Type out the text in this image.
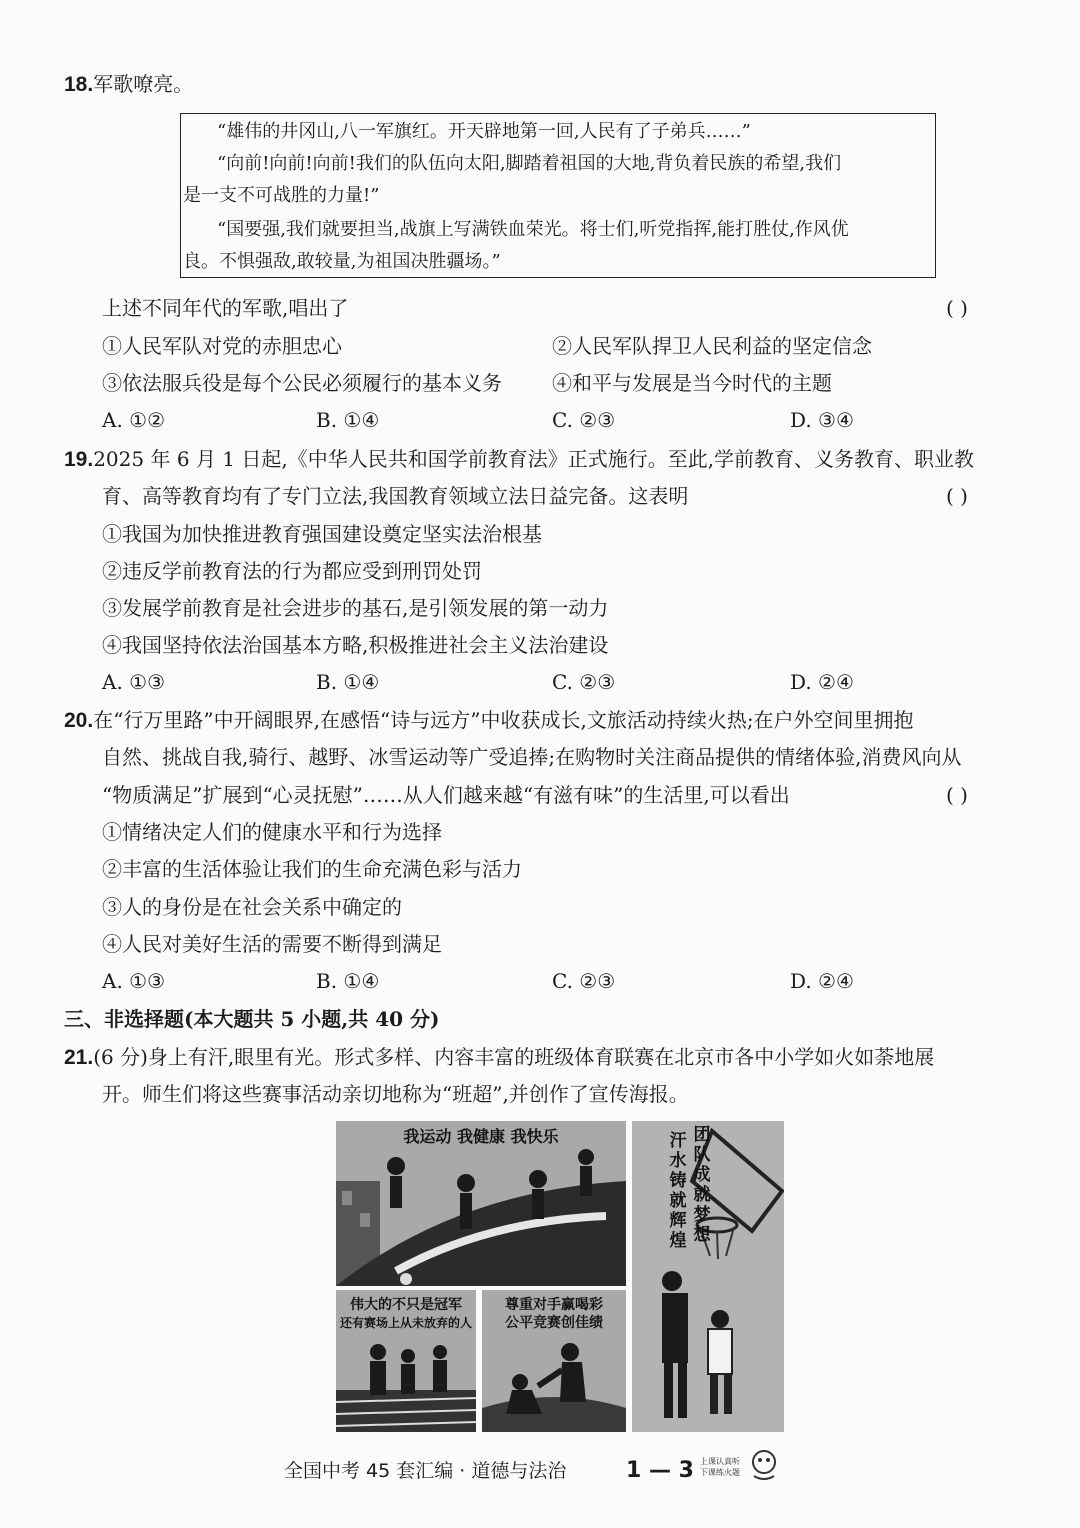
18.军歌嘹亮。
“雄伟的井冈山,八一军旗红。开天辟地第一回,人民有了子弟兵……”
“向前!向前!向前!我们的队伍向太阳,脚踏着祖国的大地,背负着民族的希望,我们
是一支不可战胜的力量!”
“国要强,我们就要担当,战旗上写满铁血荣光。将士们,听党指挥,能打胜仗,作风优
良。不惧强敌,敢较量,为祖国决胜疆场。”
上述不同年代的军歌,唱出了	( )
①人民军队对党的赤胆忠心	②人民军队捍卫人民利益的坚定信念
③依法服兵役是每个公民必须履行的基本义务	④和平与发展是当今时代的主题
A. ①②	B. ①④	C. ②③	D. ③④
19.2025 年 6 月 1 日起,《中华人民共和国学前教育法》正式施行。至此,学前教育、义务教育、职业教
育、高等教育均有了专门立法,我国教育领域立法日益完备。这表明	( )
①我国为加快推进教育强国建设奠定坚实法治根基
②违反学前教育法的行为都应受到刑罚处罚
③发展学前教育是社会进步的基石,是引领发展的第一动力
④我国坚持依法治国基本方略,积极推进社会主义法治建设
A. ①③	B. ①④	C. ②③	D. ②④
20.在“行万里路”中开阔眼界,在感悟“诗与远方”中收获成长,文旅活动持续火热;在户外空间里拥抱
自然、挑战自我,骑行、越野、冰雪运动等广受追捧;在购物时关注商品提供的情绪体验,消费风向从
“物质满足”扩展到“心灵抚慰”……从人们越来越“有滋有味”的生活里,可以看出	( )
①情绪决定人们的健康水平和行为选择
②丰富的生活体验让我们的生命充满色彩与活力
③人的身份是在社会关系中确定的
④人民对美好生活的需要不断得到满足
A. ①③	B. ①④	C. ②③	D. ②④
三、非选择题(本大题共 5 小题,共 40 分)
21.(6 分)身上有汗,眼里有光。形式多样、内容丰富的班级体育联赛在北京市各中小学如火如荼地展
开。师生们将这些赛事活动亲切地称为“班超”,并创作了宣传海报。
我运动 我健康 我快乐	汗水铸就辉煌
团队成就梦想
伟大的不只是冠军
还有赛场上从未放弃的人
尊重对手赢喝彩
公平竞赛创佳绩
全国中考 45 套汇编 · 道德与法治	1 — 3 上课认真听
下课练火题
